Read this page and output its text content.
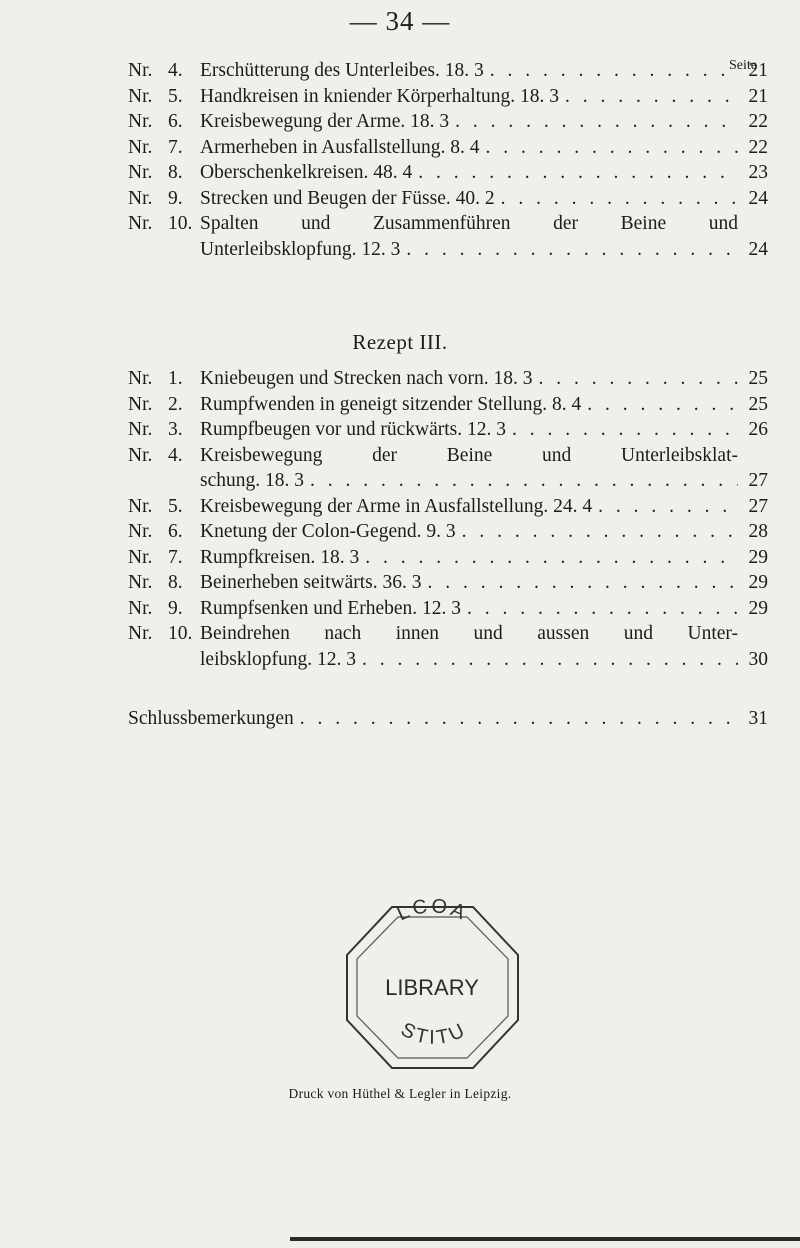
— 34 —
Seite
Nr. 4. Erschütterung des Unterleibes. 18. 3 . . .	21
Nr. 5. Handkreisen in kniender Körperhaltung. 18. 3 . . .	21
Nr. 6. Kreisbewegung der Arme. 18. 3 . . .	22
Nr. 7. Armerheben in Ausfallstellung. 8. 4 . . .	22
Nr. 8. Oberschenkelkreisen. 48. 4 . . .	23
Nr. 9. Strecken und Beugen der Füsse. 40. 2 . . .	24
Nr. 10. Spalten und Zusammenführen der Beine und
Unterleibsklopfung. 12. 3 . . .	24
Rezept III.
Nr. 1. Kniebeugen und Strecken nach vorn. 18. 3 . . .	25
Nr. 2. Rumpfwenden in geneigt sitzender Stellung. 8. 4 . . .	25
Nr. 3. Rumpfbeugen vor und rückwärts. 12. 3 . . .	26
Nr. 4. Kreisbewegung der Beine und Unterleibsklat-
schung. 18. 3 . . .	27
Nr. 5. Kreisbewegung der Arme in Ausfallstellung. 24. 4 . . .	27
Nr. 6. Knetung der Colon-Gegend. 9. 3 . . .	28
Nr. 7. Rumpfkreisen. 18. 3 . . .	29
Nr. 8. Beinerheben seitwärts. 36. 3 . . .	29
Nr. 9. Rumpfsenken und Erheben. 12. 3 . . .	29
Nr. 10. Beindrehen nach innen und aussen und Unter-
leibsklopfung. 12. 3 . . .	30
Schlussbemerkungen . . .	31
LCOA
LIBRARY
STITU
Druck von Hüthel & Legler in Leipzig.
